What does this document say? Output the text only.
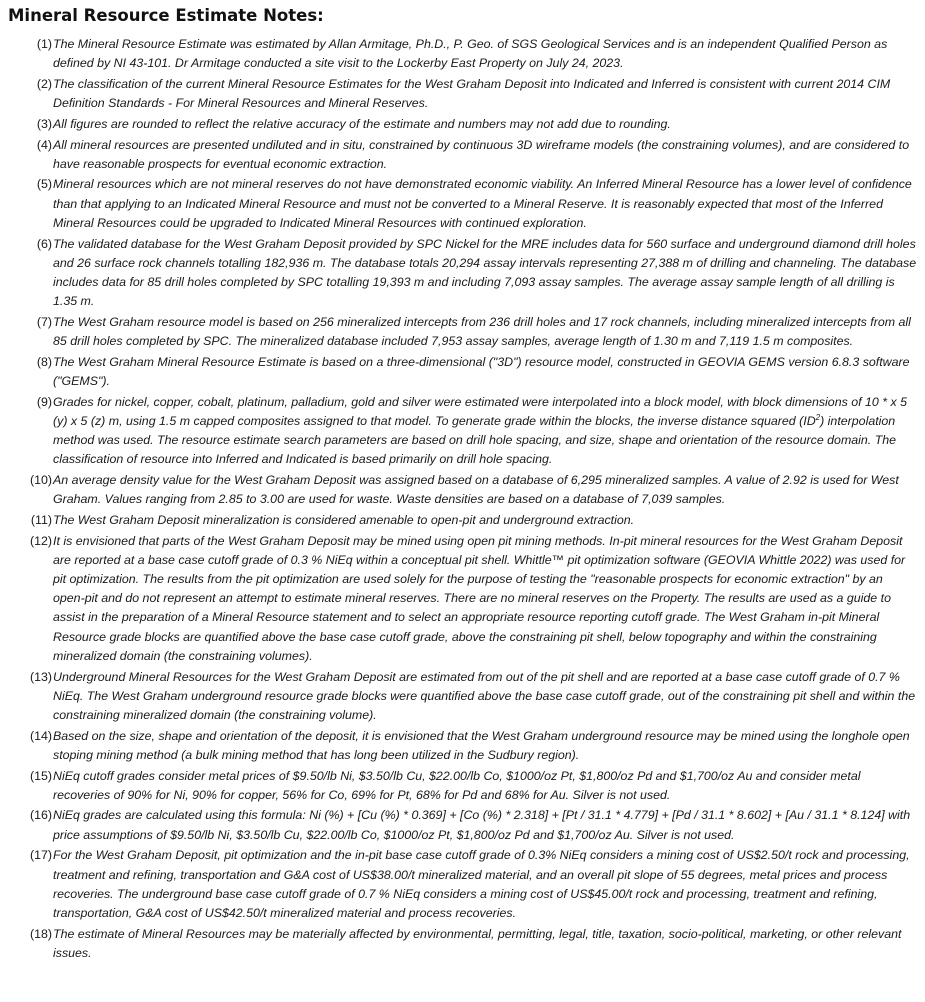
Mineral Resource Estimate Notes:
(1) The Mineral Resource Estimate was estimated by Allan Armitage, Ph.D., P. Geo. of SGS Geological Services and is an independent Qualified Person as defined by NI 43-101. Dr Armitage conducted a site visit to the Lockerby East Property on July 24, 2023.
(2) The classification of the current Mineral Resource Estimates for the West Graham Deposit into Indicated and Inferred is consistent with current 2014 CIM Definition Standards - For Mineral Resources and Mineral Reserves.
(3) All figures are rounded to reflect the relative accuracy of the estimate and numbers may not add due to rounding.
(4) All mineral resources are presented undiluted and in situ, constrained by continuous 3D wireframe models (the constraining volumes), and are considered to have reasonable prospects for eventual economic extraction.
(5) Mineral resources which are not mineral reserves do not have demonstrated economic viability. An Inferred Mineral Resource has a lower level of confidence than that applying to an Indicated Mineral Resource and must not be converted to a Mineral Reserve. It is reasonably expected that most of the Inferred Mineral Resources could be upgraded to Indicated Mineral Resources with continued exploration.
(6) The validated database for the West Graham Deposit provided by SPC Nickel for the MRE includes data for 560 surface and underground diamond drill holes and 26 surface rock channels totalling 182,936 m. The database totals 20,294 assay intervals representing 27,388 m of drilling and channeling. The database includes data for 85 drill holes completed by SPC totalling 19,393 m and including 7,093 assay samples. The average assay sample length of all drilling is 1.35 m.
(7) The West Graham resource model is based on 256 mineralized intercepts from 236 drill holes and 17 rock channels, including mineralized intercepts from all 85 drill holes completed by SPC. The mineralized database included 7,953 assay samples, average length of 1.30 m and 7,119 1.5 m composites.
(8) The West Graham Mineral Resource Estimate is based on a three-dimensional ("3D") resource model, constructed in GEOVIA GEMS version 6.8.3 software ("GEMS").
(9) Grades for nickel, copper, cobalt, platinum, palladium, gold and silver were estimated were interpolated into a block model, with block dimensions of 10 * x 5 (y) x 5 (z) m, using 1.5 m capped composites assigned to that model. To generate grade within the blocks, the inverse distance squared $(ID^2)$ interpolation method was used. The resource estimate search parameters are based on drill hole spacing, and size, shape and orientation of the resource domain. The classification of resource into Inferred and Indicated is based primarily on drill hole spacing.
(10) An average density value for the West Graham Deposit was assigned based on a database of 6,295 mineralized samples. A value of 2.92 is used for West Graham. Values ranging from 2.85 to 3.00 are used for waste. Waste densities are based on a database of 7,039 samples.
(11) The West Graham Deposit mineralization is considered amenable to open-pit and underground extraction.
(12) It is envisioned that parts of the West Graham Deposit may be mined using open pit mining methods. In-pit mineral resources for the West Graham Deposit are reported at a base case cutoff grade of 0.3 % NiEq within a conceptual pit shell. Whittle™ pit optimization software (GEOVIA Whittle 2022) was used for pit optimization. The results from the pit optimization are used solely for the purpose of testing the "reasonable prospects for economic extraction" by an open-pit and do not represent an attempt to estimate mineral reserves. There are no mineral reserves on the Property. The results are used as a guide to assist in the preparation of a Mineral Resource statement and to select an appropriate resource reporting cutoff grade. The West Graham in-pit Mineral Resource grade blocks are quantified above the base case cutoff grade, above the constraining pit shell, below topography and within the constraining mineralized domain (the constraining volumes).
(13) Underground Mineral Resources for the West Graham Deposit are estimated from out of the pit shell and are reported at a base case cutoff grade of 0.7 % NiEq. The West Graham underground resource grade blocks were quantified above the base case cutoff grade, out of the constraining pit shell and within the constraining mineralized domain (the constraining volume).
(14) Based on the size, shape and orientation of the deposit, it is envisioned that the West Graham underground resource may be mined using the longhole open stoping mining method (a bulk mining method that has long been utilized in the Sudbury region).
(15) NiEq cutoff grades consider metal prices of $9.50/lb Ni, $3.50/lb Cu, $22.00/lb Co, $1000/oz Pt, $1,800/oz Pd and $1,700/oz Au and consider metal recoveries of 90% for Ni, 90% for copper, 56% for Co, 69% for Pt, 68% for Pd and 68% for Au. Silver is not used.
(16) NiEq grades are calculated using this formula: Ni (%) + [Cu (%) * 0.369] + [Co (%) * 2.318] + [Pt / 31.1 * 4.779] + [Pd / 31.1 * 8.602] + [Au / 31.1 * 8.124] with price assumptions of $9.50/lb Ni, $3.50/lb Cu, $22.00/lb Co, $1000/oz Pt, $1,800/oz Pd and $1,700/oz Au. Silver is not used.
(17) For the West Graham Deposit, pit optimization and the in-pit base case cutoff grade of 0.3% NiEq considers a mining cost of US$2.50/t rock and processing, treatment and refining, transportation and G&A cost of US$38.00/t mineralized material, and an overall pit slope of 55 degrees, metal prices and process recoveries. The underground base case cutoff grade of 0.7 % NiEq considers a mining cost of US$45.00/t rock and processing, treatment and refining, transportation, G&A cost of US$42.50/t mineralized material and process recoveries.
(18) The estimate of Mineral Resources may be materially affected by environmental, permitting, legal, title, taxation, socio-political, marketing, or other relevant issues.
